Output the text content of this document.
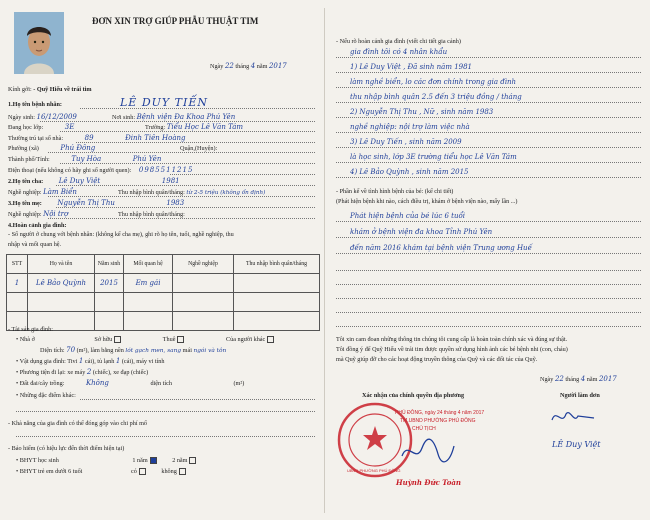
ĐƠN XIN TRỢ GIÚP PHẪU THUẬT TIM
Ngày 22 tháng 4 năm 2017
Kính gởi: - Quỹ Hiếu về trái tim
1.Họ tên bệnh nhân:	LÊ DUY TIẾN
Ngày sinh: 16/12/2009	Nơi sinh: Bệnh viện Đa Khoa Phú Yên
Đang học lớp:	3E	Trường: Tiểu Học Lê Văn Tám
Thường trú tại số nhà:	89	Đinh Tiên Hoàng
Phường (xã)	Phú Đông	Quận,(Huyện):
Thành phố/Tỉnh:	Tuy Hòa	Phú Yên
Điện thoại (nếu không có hãy ghi số người quen): 0985511215
2.Họ tên cha: Lê Duy Việt	1981
Nghề nghiệp: Làm Biển	Thu nhập bình quân/tháng: từ 2-5 triệu (không ổn định)
3.Họ tên mẹ: Nguyễn Thị Thu	1983
Nghề nghiệp: Nội trợ	Thu nhập bình quân/tháng:
4.Hoàn cảnh gia đình:
- Số người ở chung với bệnh nhân: (không kể cha mẹ), ghi rõ họ tên, tuổi, nghề nghiệp, thu
nhập và mối quan hệ.
STT	Họ và tên	Năm sinh	Mối quan hệ	Nghề nghiệp	Thu nhập bình quân/tháng
1	Lê Bảo Quỳnh	2015	Em gái		

- Tài sản gia đình:
• Nhà ở	Sở hữu	Thuê	Của người khác
Diện tích: 70 (m²), làm bằng nền lót gạch men, sang mái ngói và tôn
• Vật dụng gia đình: Tivi 1 cái), tủ lạnh 1 (cái), máy vi tính
• Phương tiện đi lại: xe máy 2 (chiếc), xe đạp (chiếc)
• Đất đai/cây trồng:	Không	diện tích	(m²)
• Những đặc điểm khác:
- Khả năng của gia đình có thể đóng góp vào chi phí mổ
- Bảo hiểm (có hiệu lực đến thời điểm hiện tại)
• BHYT học sinh	1 năm	2 năm
• BHYT trẻ em dưới 6 tuổi	có	không
- Nếu rõ hoàn cảnh gia đình (viết chi tiết gia cảnh)
gia đình tôi có 4 nhân khẩu
1) Lê Duy Việt , Đã sinh năm 1981
làm nghề biển, lo các đơn chính trong gia đình
thu nhập bình quân 2.5 đến 3 triệu đồng / tháng
2) Nguyễn Thị Thu , Nữ , sinh năm 1983
nghề nghiệp: nội trợ làm việc nhà
3) Lê Duy Tiến , sinh năm 2009
là học sinh, lớp 3E trường tiểu học Lê Văn Tám
4) Lê Bảo Quỳnh , sinh năm 2015
- Phần kể về tình hình bệnh của bé: (kể chi tiết)
(Phát hiện bệnh khi nào, cách điều trị, khám ở bệnh viện nào, mấy lần ...)
Phát hiện bệnh của bé lúc 6 tuổi
khám ở bệnh viện đa khoa Tỉnh Phú Yên
đến năm 2016 khám tại bệnh viện Trung ương Huế
Tôi xin cam đoan những thông tin chúng tôi cung cấp là hoàn toàn chính xác và đúng sự thật.
Tôi đồng ý để Quỹ Hiếu về trái tim được quyền sử dụng hình ảnh các bé bệnh nhi (con, cháu)
mà Quỹ giúp đỡ cho các hoạt động truyền thông của Quỹ và các đối tác của Quỹ.
Ngày 22 tháng 4 năm 2017
Xác nhận của chính quyền địa phương	Người làm đơn
UBND PHƯỜNG PHÚ ĐÔNG
PHÚ ĐÔNG, ngày 24 tháng 4 năm 2017
TM.UBND PHƯỜNG PHÚ ĐÔNG
CHỦ TỊCH
Huỳnh Đức Toàn
LÊ Duy Việt
